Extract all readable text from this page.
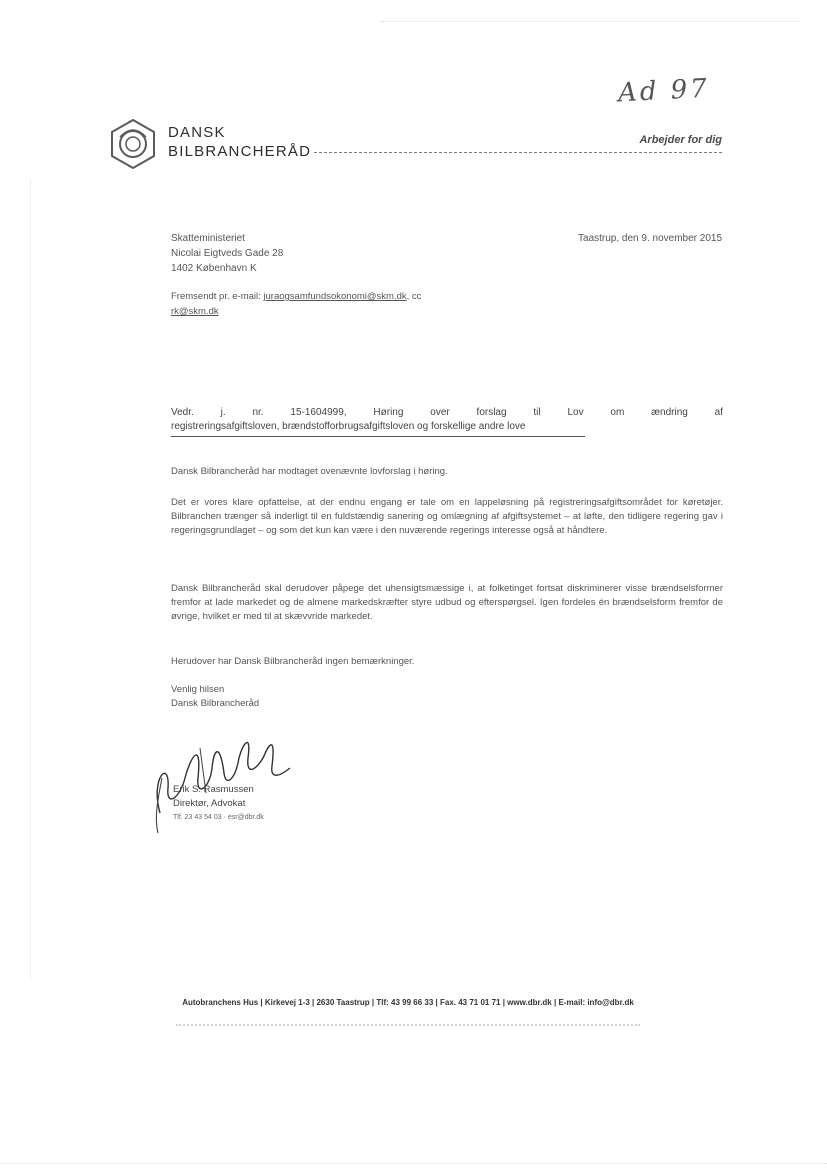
Ad 97
DANSK
BILBRANCHERÅD
Arbejder for dig
Skatteministeriet
Nicolai Eigtveds Gade 28
1402 København K
Taastrup, den 9. november 2015
Fremsendt pr. e-mail: juraogsamfundsokonomi@skm.dk, cc
rk@skm.dk
Vedr. j. nr. 15-1604999, Høring over forslag til Lov om ændring af
registreringsafgiftsloven, brændstofforbrugsafgiftsloven og forskellige andre love
Dansk Bilbrancheråd har modtaget ovenævnte lovforslag i høring.
Det er vores klare opfattelse, at der endnu engang er tale om en lappeløsning på registreringsafgiftsområdet for køretøjer. Bilbranchen trænger så inderligt til en fuldstændig sanering og omlægning af afgiftsystemet – at løfte, den tidligere regering gav i regeringsgrundlaget – og som det kun kan være i den nuværende regerings interesse også at håndtere.
Dansk Bilbrancheråd skal derudover påpege det uhensigtsmæssige i, at folketinget fortsat diskriminerer visse brændselsformer fremfor at lade markedet og de almene markedskræfter styre udbud og efterspørgsel. Igen fordeles én brændselsform fremfor de øvrige, hvilket er med til at skævvride markedet.
Herudover har Dansk Bilbrancheråd ingen bemærkninger.
Venlig hilsen
Dansk Bilbrancheråd
Erik S. Rasmussen
Direktør, Advokat
Tlf. 23 43 54 03 · esr@dbr.dk
Autobranchens Hus | Kirkevej 1-3 | 2630 Taastrup | Tlf: 43 99 66 33 | Fax. 43 71 01 71 | www.dbr.dk | E-mail: info@dbr.dk
